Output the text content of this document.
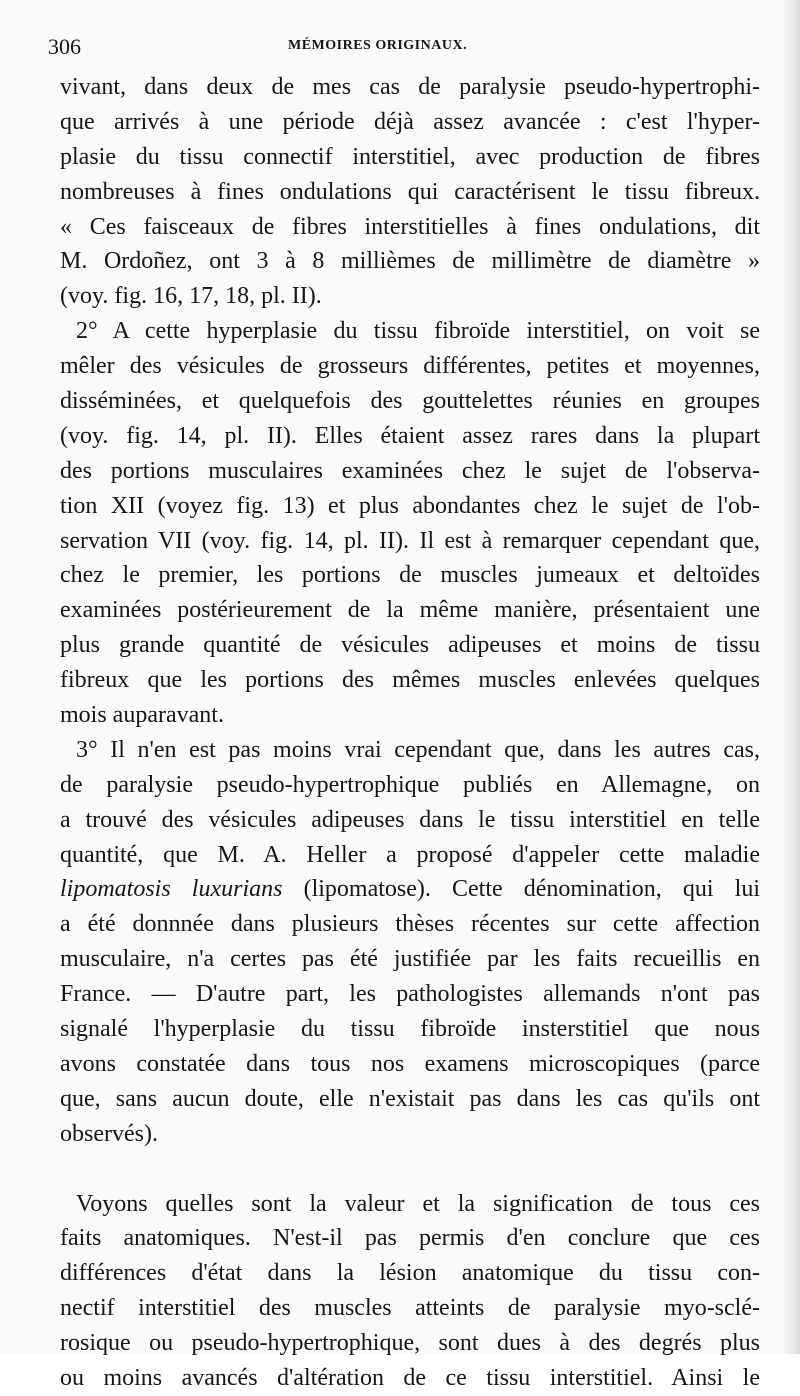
306	MÉMOIRES ORIGINAUX.
vivant, dans deux de mes cas de paralysie pseudo-hypertrophi-
que arrivés à une période déjà assez avancée : c'est l'hyper-
plasie du tissu connectif interstitiel, avec production de fibres
nombreuses à fines ondulations qui caractérisent le tissu fibreux.
« Ces faisceaux de fibres interstitielles à fines ondulations, dit
M. Ordoñez, ont 3 à 8 millièmes de millimètre de diamètre »
(voy. fig. 16, 17, 18, pl. II).
2° A cette hyperplasie du tissu fibroïde interstitiel, on voit se
mêler des vésicules de grosseurs différentes, petites et moyennes,
disséminées, et quelquefois des gouttelettes réunies en groupes
(voy. fig. 14, pl. II). Elles étaient assez rares dans la plupart
des portions musculaires examinées chez le sujet de l'observa-
tion XII (voyez fig. 13) et plus abondantes chez le sujet de l'ob-
servation VII (voy. fig. 14, pl. II). Il est à remarquer cependant que,
chez le premier, les portions de muscles jumeaux et deltoïdes
examinées postérieurement de la même manière, présentaient une
plus grande quantité de vésicules adipeuses et moins de tissu
fibreux que les portions des mêmes muscles enlevées quelques
mois auparavant.
3° Il n'en est pas moins vrai cependant que, dans les autres cas,
de paralysie pseudo-hypertrophique publiés en Allemagne, on
a trouvé des vésicules adipeuses dans le tissu interstitiel en telle
quantité, que M. A. Heller a proposé d'appeler cette maladie
lipomatosis luxurians (lipomatose). Cette dénomination, qui lui
a été donnnée dans plusieurs thèses récentes sur cette affection
musculaire, n'a certes pas été justifiée par les faits recueillis en
France. — D'autre part, les pathologistes allemands n'ont pas
signalé l'hyperplasie du tissu fibroïde insterstitiel que nous
avons constatée dans tous nos examens microscopiques (parce
que, sans aucun doute, elle n'existait pas dans les cas qu'ils ont
observés).

Voyons quelles sont la valeur et la signification de tous ces
faits anatomiques. N'est-il pas permis d'en conclure que ces
différences d'état dans la lésion anatomique du tissu con-
nectif interstitiel des muscles atteints de paralysie myo-sclé-
rosique ou pseudo-hypertrophique, sont dues à des degrés plus
ou moins avancés d'altération de ce tissu interstitiel. Ainsi le
